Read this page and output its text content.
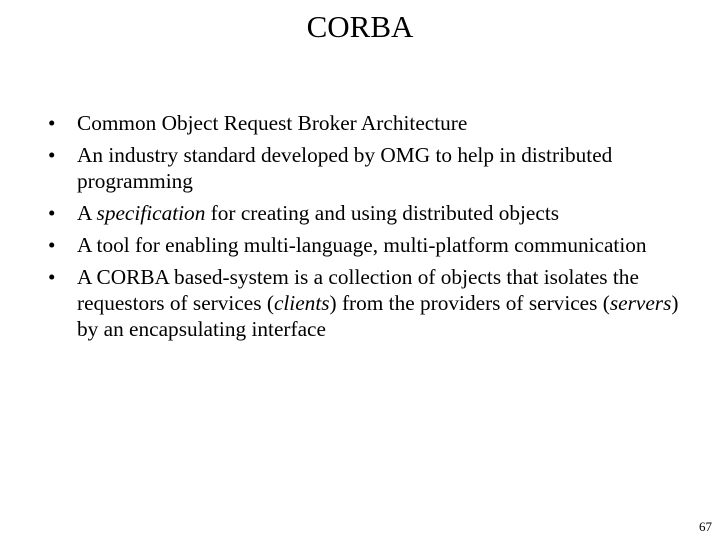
CORBA
• Common Object Request Broker Architecture
• An industry standard developed by OMG to help in distributed programming
• A specification for creating and using distributed objects
• A tool for enabling multi-language, multi-platform communication
• A CORBA based-system is a collection of objects that isolates the requestors of services (clients) from the providers of services (servers) by an encapsulating interface
67
